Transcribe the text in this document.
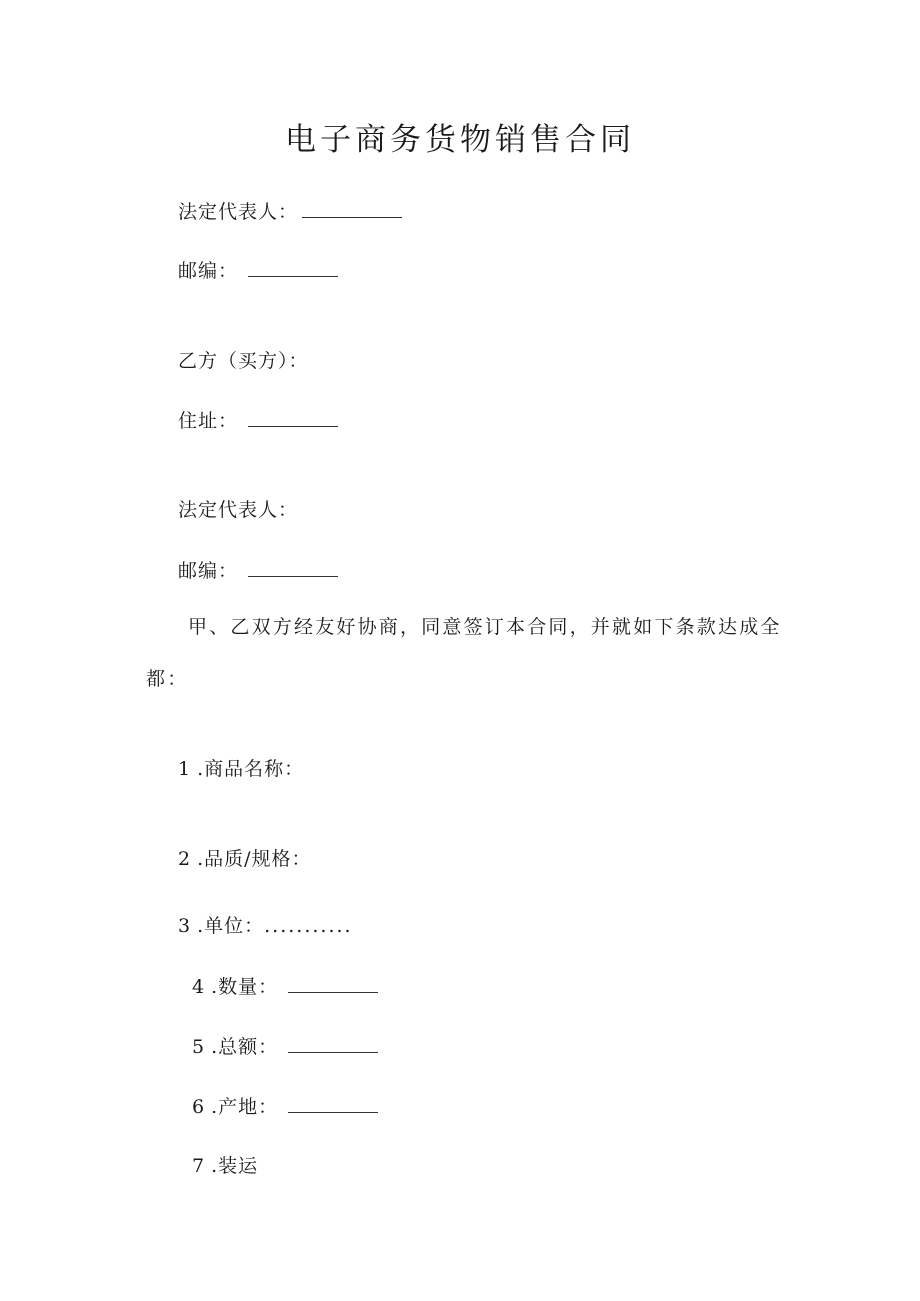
电子商务货物销售合同
法定代表人：
邮编：
乙方（买方）：
住址：
法定代表人：
邮编：
甲、乙双方经友好协商，同意签订本合同，并就如下条款达成全
都：
1 .商品名称：
2 .品质/规格：
3 .单位：...........
4 .数量：
5 .总额：
6 .产地：
7 .装运
